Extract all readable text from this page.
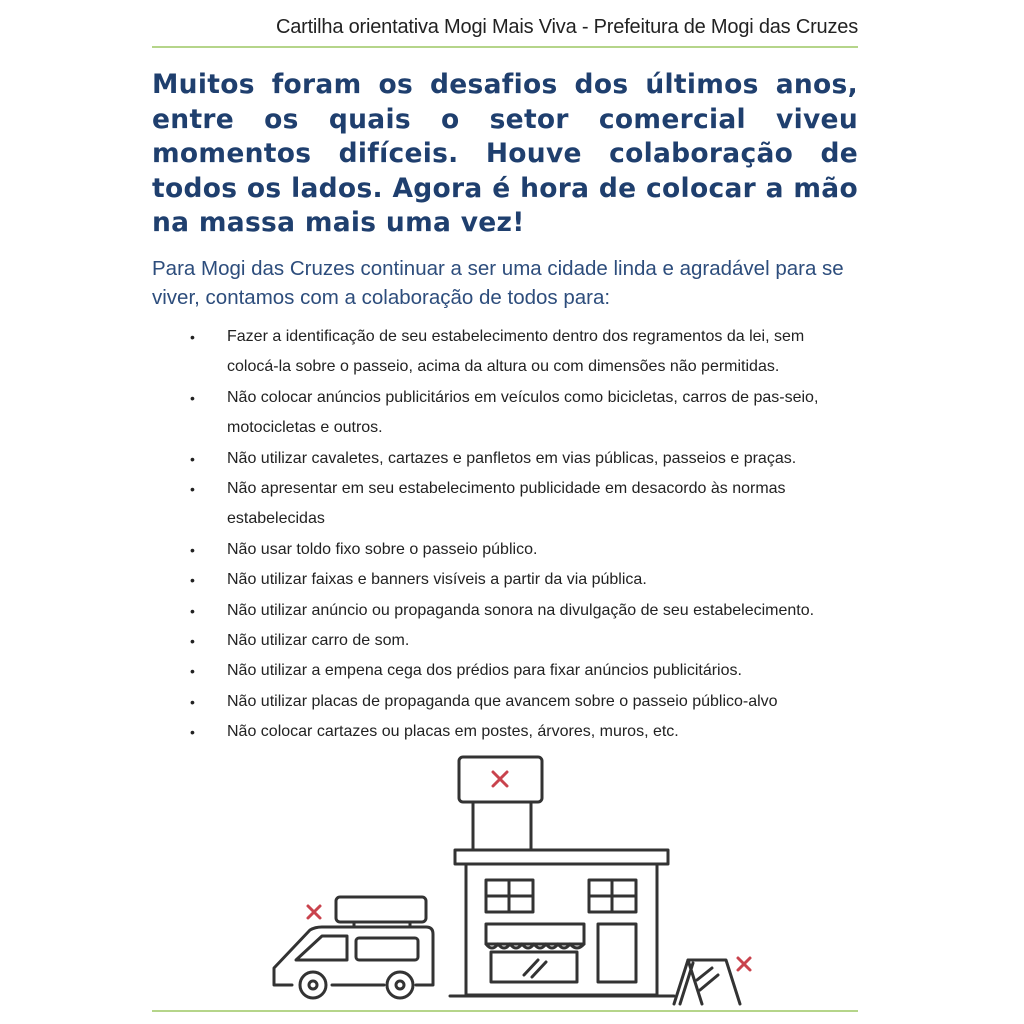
Cartilha orientativa Mogi Mais Viva - Prefeitura de Mogi das Cruzes
Muitos foram os desafios dos últimos anos, entre os quais o setor comercial viveu momentos difíceis. Houve colaboração de todos os lados. Agora é hora de colocar a mão na massa mais uma vez!
Para Mogi das Cruzes continuar a ser uma cidade linda e agradável para se viver, contamos com a colaboração de todos para:
• Fazer a identificação de seu estabelecimento dentro dos regramentos da lei, sem colocá-la sobre o passeio, acima da altura ou com dimensões não permitidas.
• Não colocar anúncios publicitários em veículos como bicicletas, carros de pas-seio, motocicletas e outros.
• Não utilizar cavaletes, cartazes e panfletos em vias públicas, passeios e praças.
• Não apresentar em seu estabelecimento publicidade em desacordo às normas estabelecidas
• Não usar toldo fixo sobre o passeio público.
• Não utilizar faixas e banners visíveis a partir da via pública.
• Não utilizar anúncio ou propaganda sonora na divulgação de seu estabelecimento.
• Não utilizar carro de som.
• Não utilizar a empena cega dos prédios para fixar anúncios publicitários.
• Não utilizar placas de propaganda que avancem sobre o passeio público-alvo
• Não colocar cartazes ou placas em postes, árvores, muros, etc.
